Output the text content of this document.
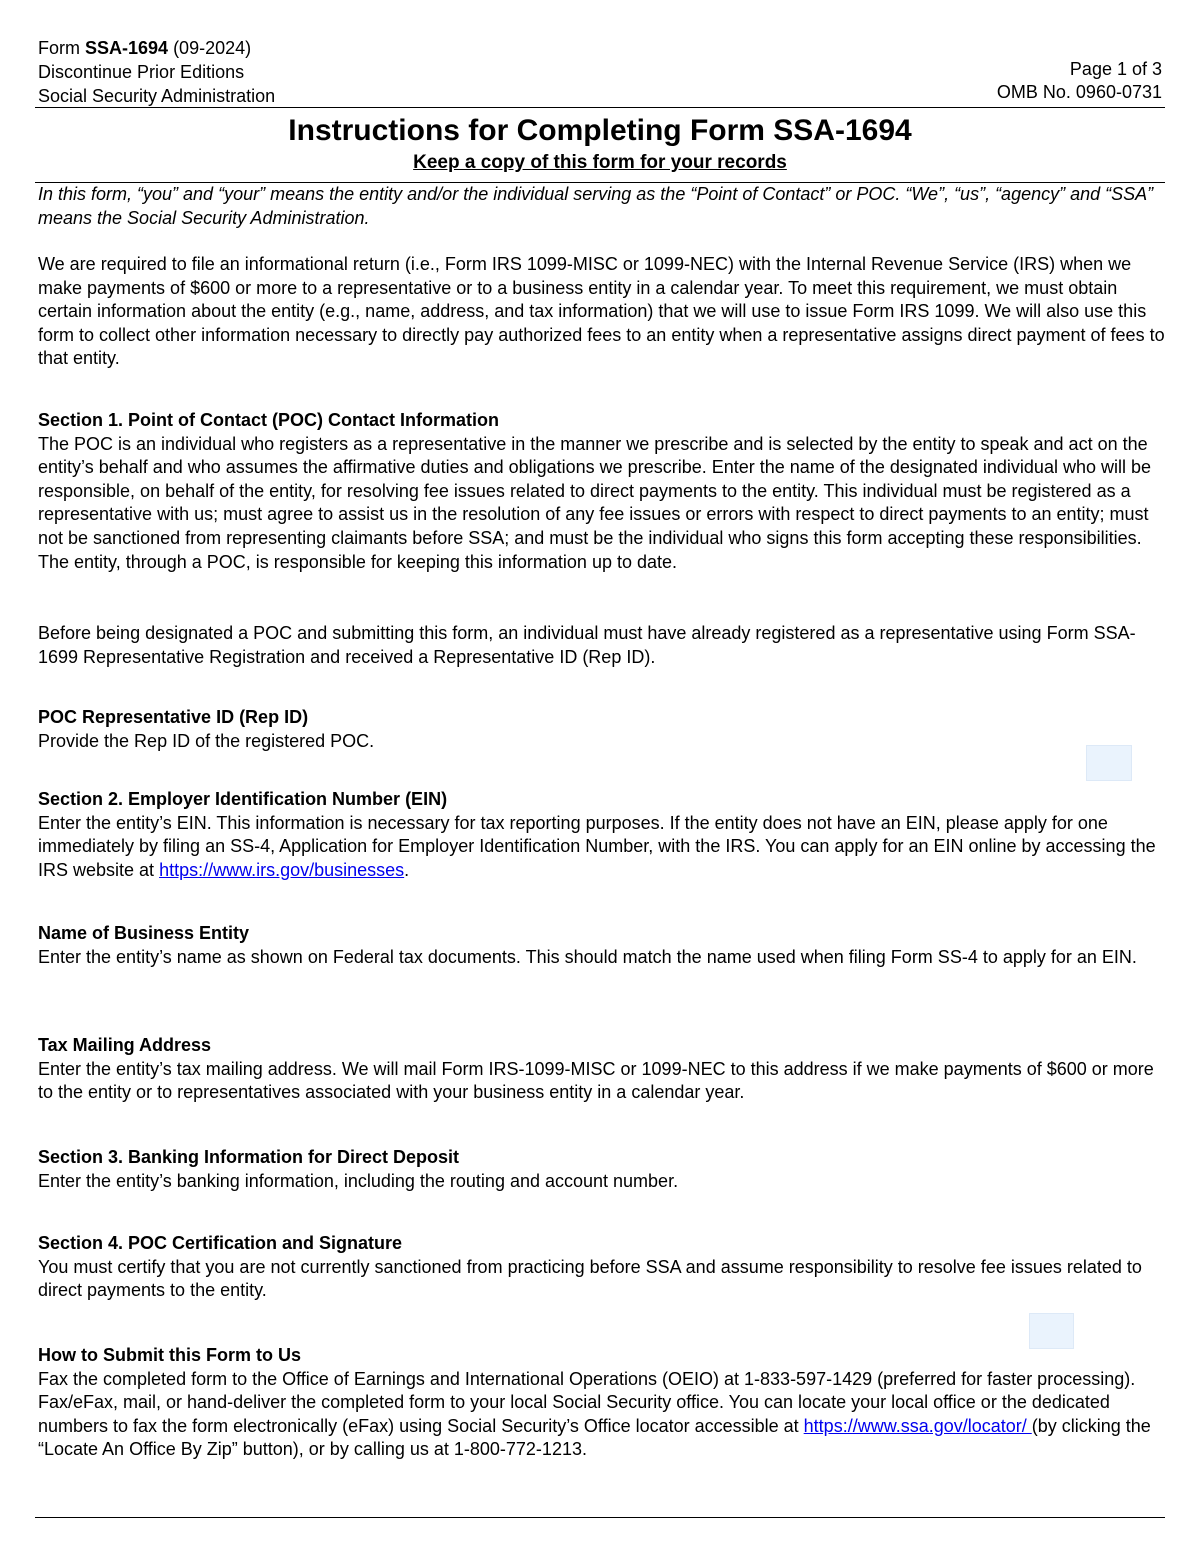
Form SSA-1694 (09-2024)
Discontinue Prior Editions
Social Security Administration
Page 1 of 3
OMB No. 0960-0731
Instructions for Completing Form SSA-1694
Keep a copy of this form for your records
In this form, “you” and “your” means the entity and/or the individual serving as the “Point of Contact” or POC. “We”, “us”, “agency” and “SSA” means the Social Security Administration.
We are required to file an informational return (i.e., Form IRS 1099-MISC or 1099-NEC) with the Internal Revenue Service (IRS) when we make payments of $600 or more to a representative or to a business entity in a calendar year. To meet this requirement, we must obtain certain information about the entity (e.g., name, address, and tax information) that we will use to issue Form IRS 1099. We will also use this form to collect other information necessary to directly pay authorized fees to an entity when a representative assigns direct payment of fees to that entity.
Section 1. Point of Contact (POC) Contact Information
The POC is an individual who registers as a representative in the manner we prescribe and is selected by the entity to speak and act on the entity’s behalf and who assumes the affirmative duties and obligations we prescribe. Enter the name of the designated individual who will be responsible, on behalf of the entity, for resolving fee issues related to direct payments to the entity. This individual must be registered as a representative with us; must agree to assist us in the resolution of any fee issues or errors with respect to direct payments to an entity; must not be sanctioned from representing claimants before SSA; and must be the individual who signs this form accepting these responsibilities. The entity, through a POC, is responsible for keeping this information up to date.
Before being designated a POC and submitting this form, an individual must have already registered as a representative using Form SSA-1699 Representative Registration and received a Representative ID (Rep ID).
POC Representative ID (Rep ID)
Provide the Rep ID of the registered POC.
Section 2. Employer Identification Number (EIN)
Enter the entity’s EIN. This information is necessary for tax reporting purposes. If the entity does not have an EIN, please apply for one immediately by filing an SS-4, Application for Employer Identification Number, with the IRS. You can apply for an EIN online by accessing the IRS website at https://www.irs.gov/businesses.
Name of Business Entity
Enter the entity’s name as shown on Federal tax documents. This should match the name used when filing Form SS-4 to apply for an EIN.
Tax Mailing Address
Enter the entity’s tax mailing address. We will mail Form IRS-1099-MISC or 1099-NEC to this address if we make payments of $600 or more to the entity or to representatives associated with your business entity in a calendar year.
Section 3. Banking Information for Direct Deposit
Enter the entity’s banking information, including the routing and account number.
Section 4. POC Certification and Signature
You must certify that you are not currently sanctioned from practicing before SSA and assume responsibility to resolve fee issues related to direct payments to the entity.
How to Submit this Form to Us
Fax the completed form to the Office of Earnings and International Operations (OEIO) at 1-833-597-1429 (preferred for faster processing). Fax/eFax, mail, or hand-deliver the completed form to your local Social Security office. You can locate your local office or the dedicated numbers to fax the form electronically (eFax) using Social Security’s Office locator accessible at https://www.ssa.gov/locator/ (by clicking the “Locate An Office By Zip” button), or by calling us at 1-800-772-1213.
